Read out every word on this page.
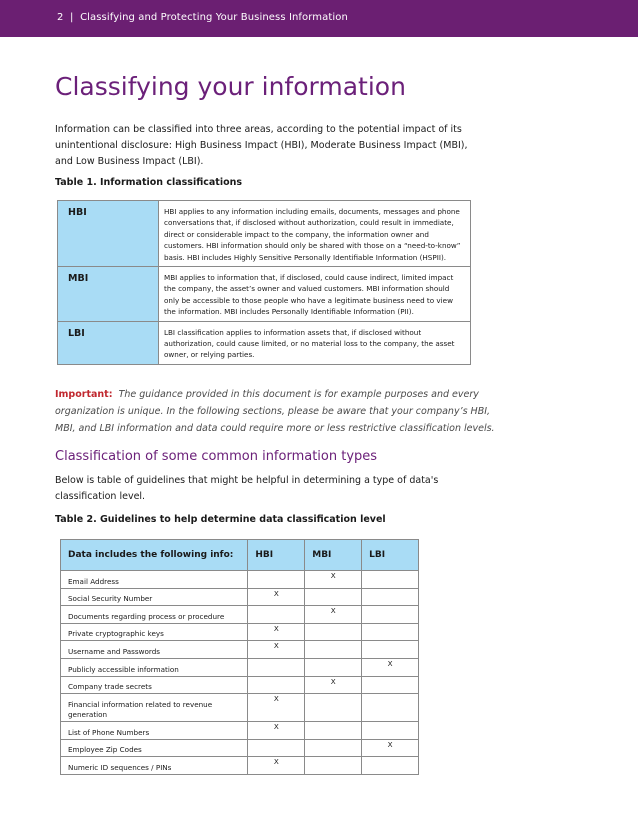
2  |  Classifying and Protecting Your Business Information
Classifying your information

Information can be classified into three areas, according to the potential impact of its unintentional disclosure: High Business Impact (HBI), Moderate Business Impact (MBI), and Low Business Impact (LBI).

Table 1. Information classifications

HBI	HBI applies to any information including emails, documents, messages and phone conversations that, if disclosed without authorization, could result in immediate, direct or considerable impact to the company, the information owner and customers. HBI information should only be shared with those on a “need-to-know” basis. HBI includes Highly Sensitive Personally Identifiable Information (HSPII).
MBI	MBI applies to information that, if disclosed, could cause indirect, limited impact the company, the asset’s owner and valued customers. MBI information should only be accessible to those people who have a legitimate business need to view the information. MBI includes Personally Identifiable Information (PII).
LBI	LBI classification applies to information assets that, if disclosed without authorization, could cause limited, or no material loss to the company, the asset owner, or relying parties.

Important: The guidance provided in this document is for example purposes and every organization is unique. In the following sections, please be aware that your company’s HBI, MBI, and LBI information and data could require more or less restrictive classification levels.

Classification of some common information types

Below is table of guidelines that might be helpful in determining a type of data's classification level.

Table 2. Guidelines to help determine data classification level

Data includes the following info:	HBI	MBI	LBI
Email Address		X	
Social Security Number	X		
Documents regarding process or procedure		X	
Private cryptographic keys	X		
Username and Passwords	X		
Publicly accessible information			X
Company trade secrets		X	
Financial information related to revenue generation	X		
List of Phone Numbers	X		
Employee Zip Codes			X
Numeric ID sequences / PINs	X		
